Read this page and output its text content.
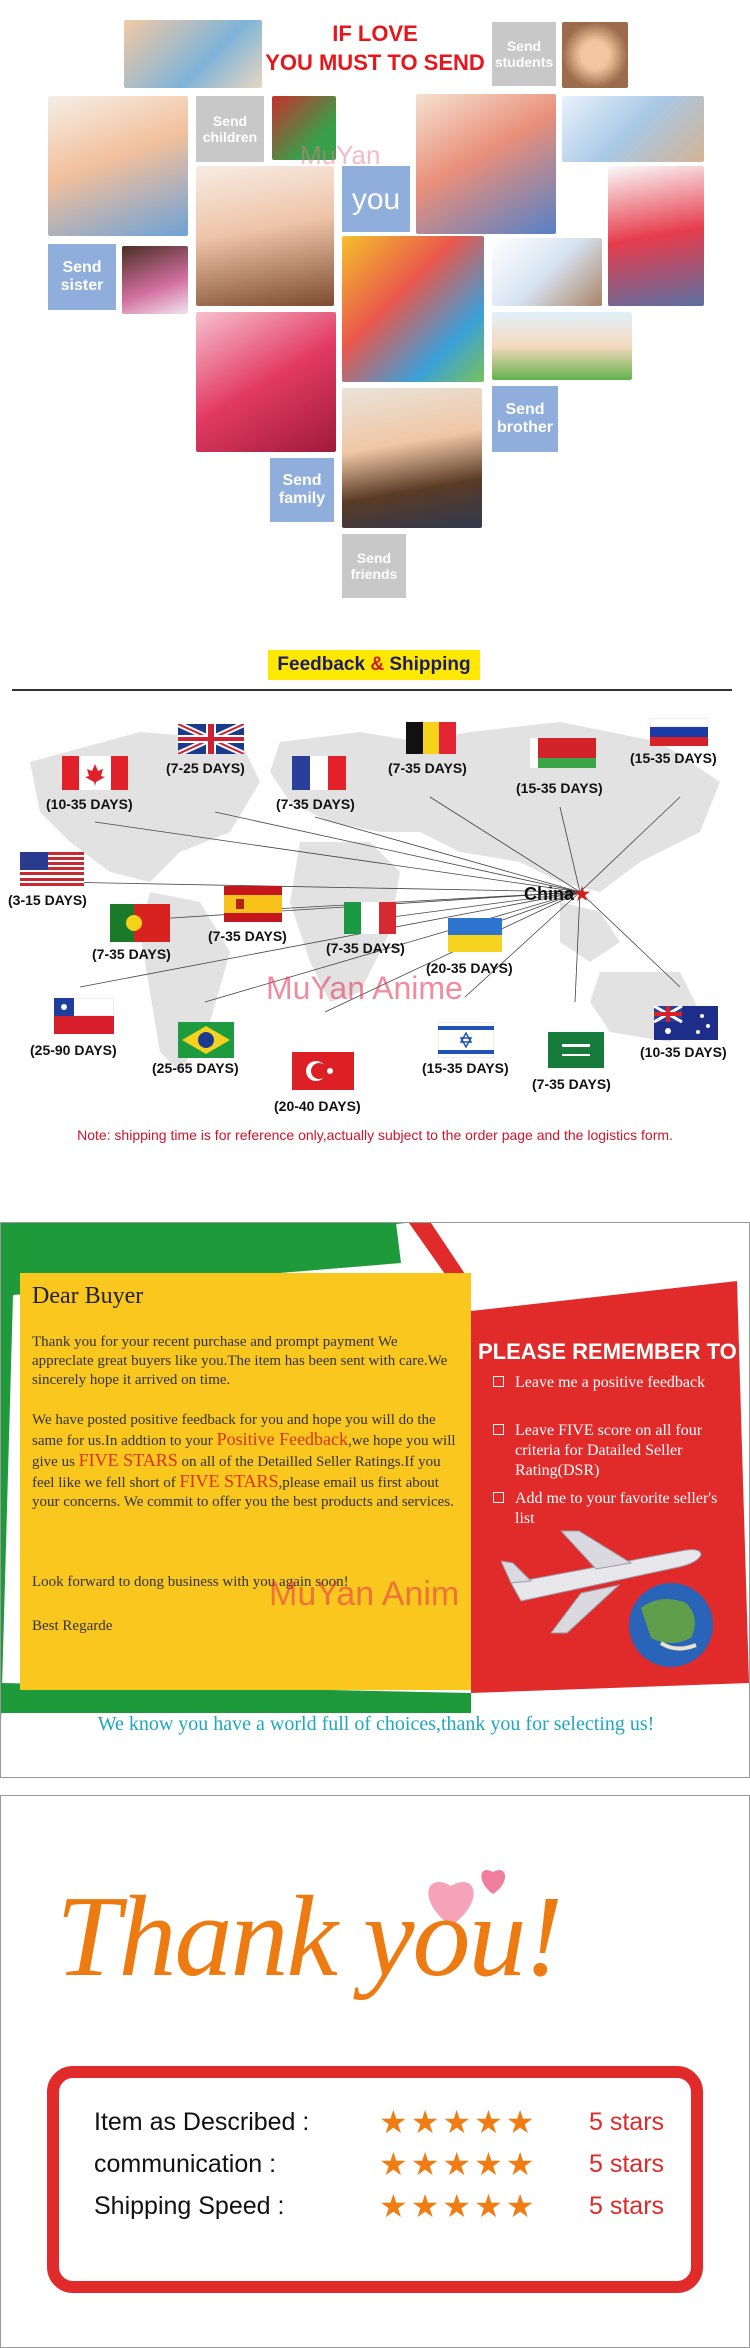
IF LOVE
YOU MUST TO SEND
Send students
Send children
you
Send sister
Send brother
Send family
Send friends
MuYan
Feedback & Shipping
(7-25 DAYS)
(10-35 DAYS)	(7-35 DAYS)
(7-35 DAYS)
(15-35 DAYS)
(15-35 DAYS)
(3-15 DAYS)
(7-35 DAYS)
(7-35 DAYS)	(7-35 DAYS)
(20-35 DAYS)
(25-90 DAYS)
(25-65 DAYS)
(20-40 DAYS)
(15-35 DAYS)
(7-35 DAYS)
(10-35 DAYS)
China★
MuYan Anime
Note: shipping time is for reference only,actually subject to the order page and the logistics form.
Dear Buyer
Thank you for your recent purchase and prompt payment We appreclate great buyers like you.The item has been sent with care.We sincerely hope it arrived on time.
We have posted positive feedback for you and hope you will do the same for us.In addtion to your Positive Feedback,we hope you will give us FIVE STARS on all of the Detailled Seller Ratings.If you feel like we fell short of FIVE STARS,please email us first about your concerns. We commit to offer you the best products and services.
Look forward to dong business with you again soon!
Best Regarde
MuYan Anim
PLEASE REMEMBER TO
Leave me a positive feedback
Leave FIVE score on all four criteria for Datailed Seller Rating(DSR)
Add me to your favorite seller's list
We know you have a world full of choices,thank you for selecting us!
Thank you!
Item as Described : ★★★★★ 5 stars
communication :	★★★★★ 5 stars
Shipping Speed :	★★★★★ 5 stars
